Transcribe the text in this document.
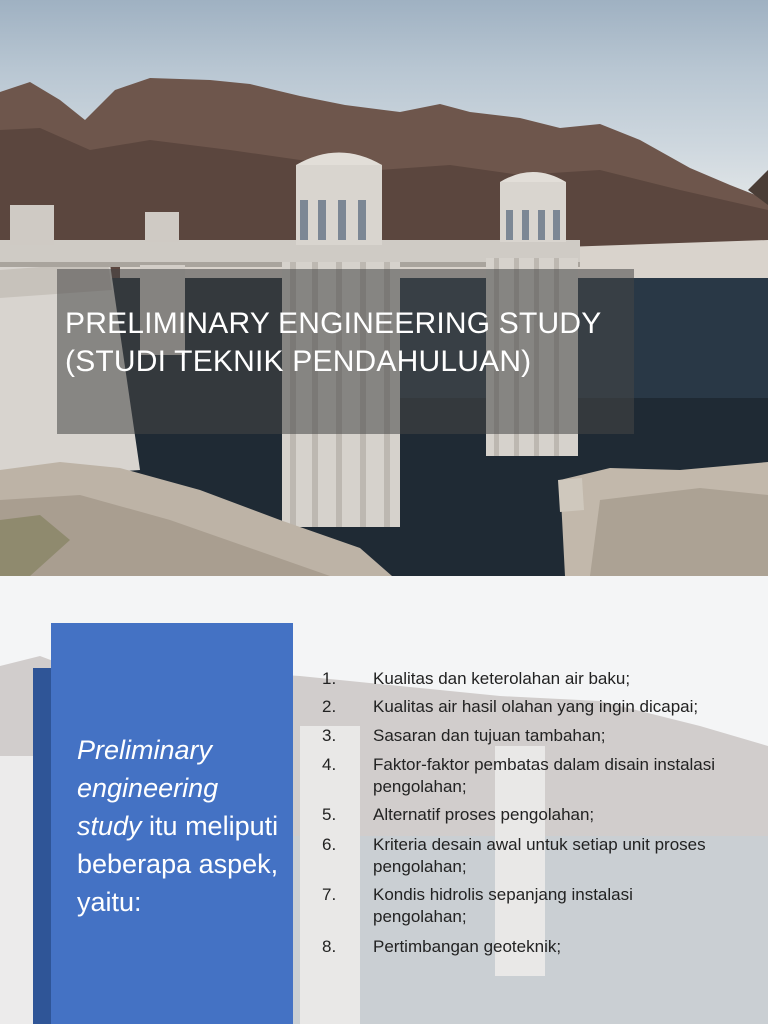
PRELIMINARY ENGINEERING STUDY
(STUDI TEKNIK PENDAHULUAN)
Preliminary engineering study itu meliputi beberapa aspek, yaitu:
1. Kualitas dan keterolahan air baku;
2. Kualitas air hasil olahan yang ingin dicapai;
3. Sasaran dan tujuan tambahan;
4. Faktor-faktor pembatas dalam disain instalasi pengolahan;
5. Alternatif proses pengolahan;
6. Kriteria desain awal untuk setiap unit proses pengolahan;
7. Kondis hidrolis sepanjang instalasi pengolahan;
8. Pertimbangan geoteknik;
